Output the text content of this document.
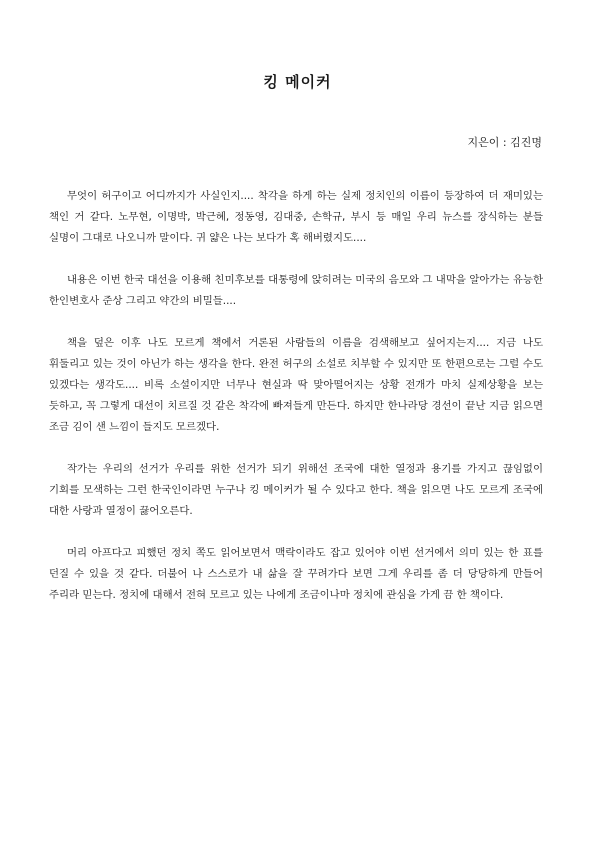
킹 메이커
지은이 : 김진명

무엇이 허구이고 어디까지가 사실인지.... 착각을 하게 하는 실제 정치인의 이름이 등장하여 더 재미있는 책인 거 같다. 노무현, 이명박, 박근혜, 정동영, 김대중, 손학규, 부시 등 매일 우리 뉴스를 장식하는 분들 실명이 그대로 나오니까 말이다. 귀 얇은 나는 보다가 혹 해버렸지도....

내용은 이번 한국 대선을 이용해 친미후보를 대통령에 앉히려는 미국의 음모와 그 내막을 알아가는 유능한 한인변호사 준상 그리고 약간의 비밀들....

책을 덮은 이후 나도 모르게 책에서 거론된 사람들의 이름을 검색해보고 싶어지는지.... 지금 나도 휘둘리고 있는 것이 아닌가 하는 생각을 한다. 완전 허구의 소설로 치부할 수 있지만 또 한편으로는 그럴 수도 있겠다는 생각도.... 비록 소설이지만 너무나 현실과 딱 맞아떨어지는 상황 전개가 마치 실제상황을 보는 듯하고, 꼭 그렇게 대선이 치르질 것 같은 착각에 빠져들게 만든다. 하지만 한나라당 경선이 끝난 지금 읽으면 조금 김이 샌 느낌이 들지도 모르겠다.

작가는 우리의 선거가 우리를 위한 선거가 되기 위해선 조국에 대한 열정과 용기를 가지고 끊임없이 기회를 모색하는 그런 한국인이라면 누구나 킹 메이커가 될 수 있다고 한다. 책을 읽으면 나도 모르게 조국에 대한 사랑과 열정이 끓어오른다.

머리 아프다고 피했던 정치 쪽도 읽어보면서 맥락이라도 잡고 있어야 이번 선거에서 의미 있는 한 표를 던질 수 있을 것 같다. 더불어 나 스스로가 내 삶을 잘 꾸려가다 보면 그게 우리를 좀 더 당당하게 만들어 주리라 믿는다. 정치에 대해서 전혀 모르고 있는 나에게 조금이나마 정치에 관심을 가게 끔 한 책이다.
